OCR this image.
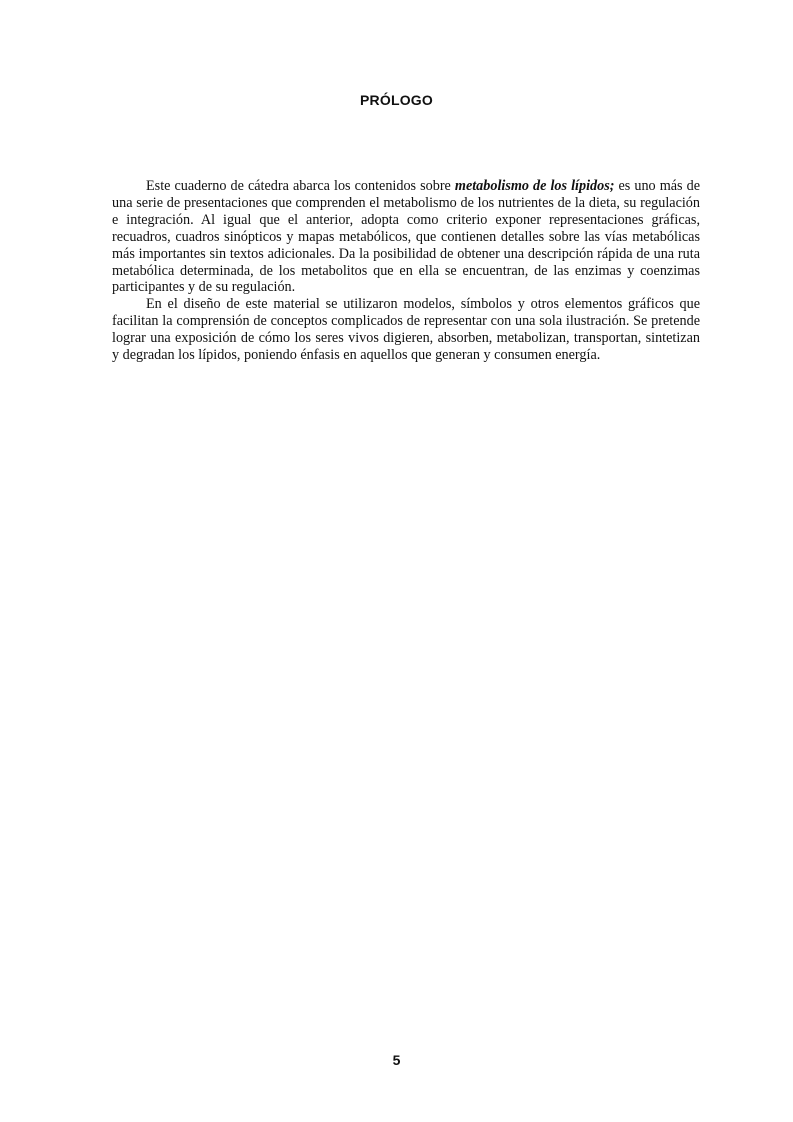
PRÓLOGO

Este cuaderno de cátedra abarca los contenidos sobre metabolismo de los lípidos; es uno más de una serie de presentaciones que comprenden el metabolismo de los nutrientes de la dieta, su regulación e integración. Al igual que el anterior, adopta como criterio exponer representaciones gráficas, recuadros, cuadros sinópticos y mapas metabólicos, que contienen detalles sobre las vías metabólicas más importantes sin textos adicionales. Da la posibilidad de obtener una descripción rápida de una ruta metabólica determinada, de los metabolitos que en ella se encuentran, de las enzimas y coenzimas participantes y de su regulación.

En el diseño de este material se utilizaron modelos, símbolos y otros elementos gráficos que facilitan la comprensión de conceptos complicados de representar con una sola ilustración. Se pretende lograr una exposición de cómo los seres vivos digieren, absorben, metabolizan, transportan, sintetizan y degradan los lípidos, poniendo énfasis en aquellos que generan y consumen energía.

5
